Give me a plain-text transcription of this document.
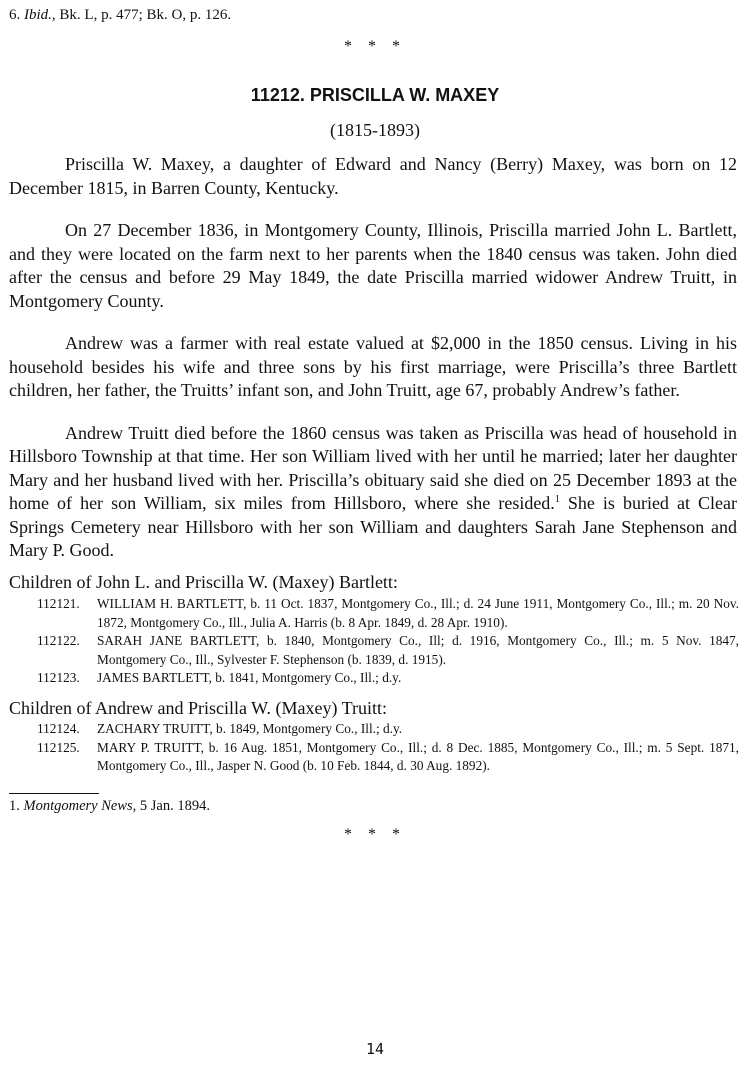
6. Ibid., Bk. L, p. 477; Bk. O, p. 126.
* * *
11212. PRISCILLA W. MAXEY
(1815-1893)

Priscilla W. Maxey, a daughter of Edward and Nancy (Berry) Maxey, was born on 12 December 1815, in Barren County, Kentucky.

On 27 December 1836, in Montgomery County, Illinois, Priscilla married John L. Bartlett, and they were located on the farm next to her parents when the 1840 census was taken. John died after the census and before 29 May 1849, the date Priscilla married widower Andrew Truitt, in Montgomery County.

Andrew was a farmer with real estate valued at $2,000 in the 1850 census. Living in his household besides his wife and three sons by his first marriage, were Priscilla’s three Bartlett children, her father, the Truitts’ infant son, and John Truitt, age 67, probably Andrew’s father.

Andrew Truitt died before the 1860 census was taken as Priscilla was head of household in Hillsboro Township at that time. Her son William lived with her until he married; later her daughter Mary and her husband lived with her. Priscilla’s obituary said she died on 25 December 1893 at the home of her son William, six miles from Hillsboro, where she resided.$^1$ She is buried at Clear Springs Cemetery near Hillsboro with her son William and daughters Sarah Jane Stephenson and Mary P. Good.

Children of John L. and Priscilla W. (Maxey) Bartlett:
112121. WILLIAM H. BARTLETT, b. 11 Oct. 1837, Montgomery Co., Ill.; d. 24 June 1911, Montgomery Co., Ill.; m. 20 Nov. 1872, Montgomery Co., Ill., Julia A. Harris (b. 8 Apr. 1849, d. 28 Apr. 1910).
112122. SARAH JANE BARTLETT, b. 1840, Montgomery Co., Ill; d. 1916, Montgomery Co., Ill.; m. 5 Nov. 1847, Montgomery Co., Ill., Sylvester F. Stephenson (b. 1839, d. 1915).
112123. JAMES BARTLETT, b. 1841, Montgomery Co., Ill.; d.y.
Children of Andrew and Priscilla W. (Maxey) Truitt:
112124. ZACHARY TRUITT, b. 1849, Montgomery Co., Ill.; d.y.
112125. MARY P. TRUITT, b. 16 Aug. 1851, Montgomery Co., Ill.; d. 8 Dec. 1885, Montgomery Co., Ill.; m. 5 Sept. 1871, Montgomery Co., Ill., Jasper N. Good (b. 10 Feb. 1844, d. 30 Aug. 1892).
1. Montgomery News, 5 Jan. 1894.
* * *
14
